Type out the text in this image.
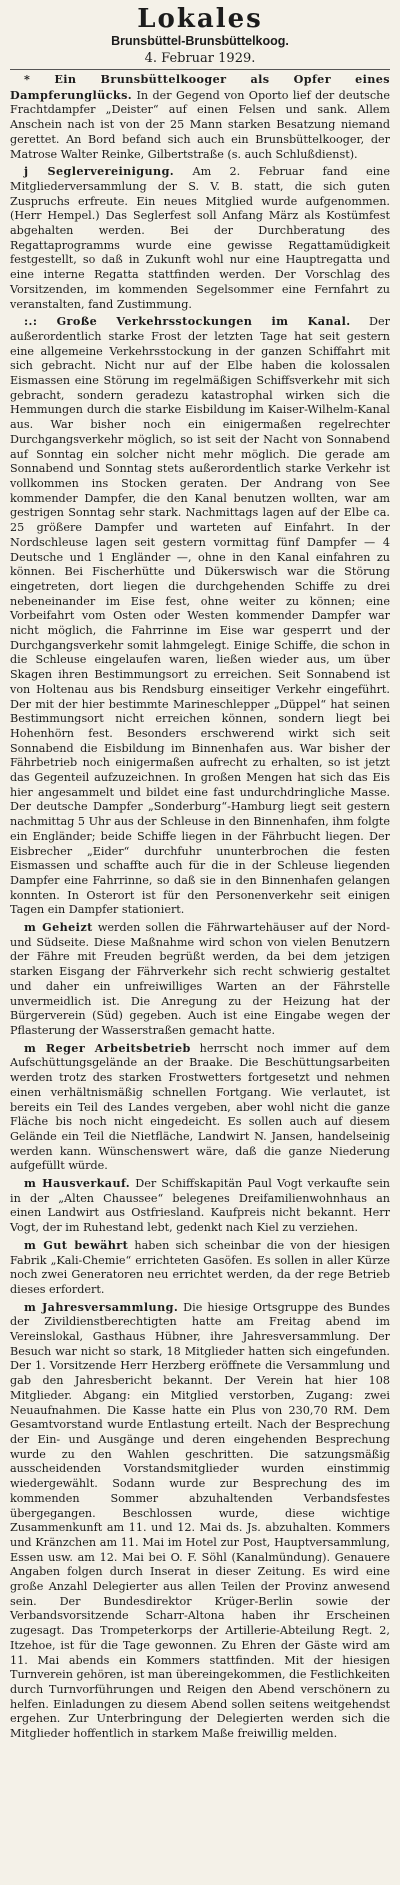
Lokales
Brunsbüttel-Brunsbüttelkoog.
4. Februar 1929.

* Ein Brunsbüttelkooger als Opfer eines Dampferunglücks. In der Gegend von Oporto lief der deutsche Frachtdampfer „Deister“ auf einen Felsen und sank. Allem Anschein nach ist von der 25 Mann starken Besatzung niemand gerettet. An Bord befand sich auch ein Brunsbüttelkooger, der Matrose Walter Reinke, Gilbertstraße (s. auch Schlußdienst).

j Seglervereinigung. Am 2. Februar fand eine Mitgliederversammlung der S. V. B. statt, die sich guten Zuspruchs erfreute. Ein neues Mitglied wurde aufgenommen. (Herr Hempel.) Das Seglerfest soll Anfang März als Kostümfest abgehalten werden. Bei der Durchberatung des Regattaprogramms wurde eine gewisse Regattamüdigkeit festgestellt, so daß in Zukunft wohl nur eine Hauptregatta und eine interne Regatta stattfinden werden. Der Vorschlag des Vorsitzenden, im kommenden Segelsommer eine Fernfahrt zu veranstalten, fand Zustimmung.

:.: Große Verkehrsstockungen im Kanal. Der außerordentlich starke Frost der letzten Tage hat seit gestern eine allgemeine Verkehrsstockung in der ganzen Schiffahrt mit sich gebracht. Nicht nur auf der Elbe haben die kolossalen Eismassen eine Störung im regelmäßigen Schiffsverkehr mit sich gebracht, sondern geradezu katastrophal wirken sich die Hemmungen durch die starke Eisbildung im Kaiser-Wilhelm-Kanal aus. War bisher noch ein einigermaßen regelrechter Durchgangsverkehr möglich, so ist seit der Nacht von Sonnabend auf Sonntag ein solcher nicht mehr möglich. Die gerade am Sonnabend und Sonntag stets außerordentlich starke Verkehr ist vollkommen ins Stocken geraten. Der Andrang von See kommender Dampfer, die den Kanal benutzen wollten, war am gestrigen Sonntag sehr stark. Nachmittags lagen auf der Elbe ca. 25 größere Dampfer und warteten auf Einfahrt. In der Nordschleuse lagen seit gestern vormittag fünf Dampfer — 4 Deutsche und 1 Engländer —, ohne in den Kanal einfahren zu können. Bei Fischerhütte und Dükerswisch war die Störung eingetreten, dort liegen die durchgehenden Schiffe zu drei nebeneinander im Eise fest, ohne weiter zu können; eine Vorbeifahrt vom Osten oder Westen kommender Dampfer war nicht möglich, die Fahrrinne im Eise war gesperrt und der Durchgangsverkehr somit lahmgelegt. Einige Schiffe, die schon in die Schleuse eingelaufen waren, ließen wieder aus, um über Skagen ihren Bestimmungsort zu erreichen. Seit Sonnabend ist von Holtenau aus bis Rendsburg einseitiger Verkehr eingeführt. Der mit der hier bestimmte Marineschlepper „Düppel“ hat seinen Bestimmungsort nicht erreichen können, sondern liegt bei Hohenhörn fest. Besonders erschwerend wirkt sich seit Sonnabend die Eisbildung im Binnenhafen aus. War bisher der Fährbetrieb noch einigermaßen aufrecht zu erhalten, so ist jetzt das Gegenteil aufzuzeichnen. In großen Mengen hat sich das Eis hier angesammelt und bildet eine fast undurchdringliche Masse. Der deutsche Dampfer „Sonderburg“-Hamburg liegt seit gestern nachmittag 5 Uhr aus der Schleuse in den Binnenhafen, ihm folgte ein Engländer; beide Schiffe liegen in der Fährbucht liegen. Der Eisbrecher „Eider“ durchfuhr ununterbrochen die festen Eismassen und schaffte auch für die in der Schleuse liegenden Dampfer eine Fahrrinne, so daß sie in den Binnenhafen gelangen konnten. In Osterort ist für den Personenverkehr seit einigen Tagen ein Dampfer stationiert.

m Geheizt werden sollen die Fährwartehäuser auf der Nord- und Südseite. Diese Maßnahme wird schon von vielen Benutzern der Fähre mit Freuden begrüßt werden, da bei dem jetzigen starken Eisgang der Fährverkehr sich recht schwierig gestaltet und daher ein unfreiwilliges Warten an der Fährstelle unvermeidlich ist. Die Anregung zu der Heizung hat der Bürgerverein (Süd) gegeben. Auch ist eine Eingabe wegen der Pflasterung der Wasserstraßen gemacht hatte.

m Reger Arbeitsbetrieb herrscht noch immer auf dem Aufschüttungsgelände an der Braake. Die Beschüttungsarbeiten werden trotz des starken Frostwetters fortgesetzt und nehmen einen verhältnismäßig schnellen Fortgang. Wie verlautet, ist bereits ein Teil des Landes vergeben, aber wohl nicht die ganze Fläche bis noch nicht eingedeicht. Es sollen auch auf diesem Gelände ein Teil die Nietfläche, Landwirt N. Jansen, handelseinig werden kann. Wünschenswert wäre, daß die ganze Niederung aufgefüllt würde.

m Hausverkauf. Der Schiffskapitän Paul Vogt verkaufte sein in der „Alten Chaussee“ belegenes Dreifamilienwohnhaus an einen Landwirt aus Ostfriesland. Kaufpreis nicht bekannt. Herr Vogt, der im Ruhestand lebt, gedenkt nach Kiel zu verziehen.

m Gut bewährt haben sich scheinbar die von der hiesigen Fabrik „Kali-Chemie“ errichteten Gasöfen. Es sollen in aller Kürze noch zwei Generatoren neu errichtet werden, da der rege Betrieb dieses erfordert.

m Jahresversammlung. Die hiesige Ortsgruppe des Bundes der Zivildienstberechtigten hatte am Freitag abend im Vereinslokal, Gasthaus Hübner, ihre Jahresversammlung. Der Besuch war nicht so stark, 18 Mitglieder hatten sich eingefunden. Der 1. Vorsitzende Herr Herzberg eröffnete die Versammlung und gab den Jahresbericht bekannt. Der Verein hat hier 108 Mitglieder. Abgang: ein Mitglied verstorben, Zugang: zwei Neuaufnahmen. Die Kasse hatte ein Plus von 230,70 RM. Dem Gesamtvorstand wurde Entlastung erteilt. Nach der Besprechung der Ein- und Ausgänge und deren eingehenden Besprechung wurde zu den Wahlen geschritten. Die satzungsmäßig ausscheidenden Vorstandsmitglieder wurden einstimmig wiedergewählt. Sodann wurde zur Besprechung des im kommenden Sommer abzuhaltenden Verbandsfestes übergegangen. Beschlossen wurde, diese wichtige Zusammenkunft am 11. und 12. Mai ds. Js. abzuhalten. Kommers und Kränzchen am 11. Mai im Hotel zur Post, Hauptversammlung, Essen usw. am 12. Mai bei O. F. Söhl (Kanalmündung). Genauere Angaben folgen durch Inserat in dieser Zeitung. Es wird eine große Anzahl Delegierter aus allen Teilen der Provinz anwesend sein. Der Bundesdirektor Krüger-Berlin sowie der Verbandsvorsitzende Scharr-Altona haben ihr Erscheinen zugesagt. Das Trompeterkorps der Artillerie-Abteilung Regt. 2, Itzehoe, ist für die Tage gewonnen. Zu Ehren der Gäste wird am 11. Mai abends ein Kommers stattfinden. Mit der hiesigen Turnverein gehören, ist man übereingekommen, die Festlichkeiten durch Turnvorführungen und Reigen den Abend verschönern zu helfen. Einladungen zu diesem Abend sollen seitens weitgehendst ergehen. Zur Unterbringung der Delegierten werden sich die Mitglieder hoffentlich in starkem Maße freiwillig melden.
